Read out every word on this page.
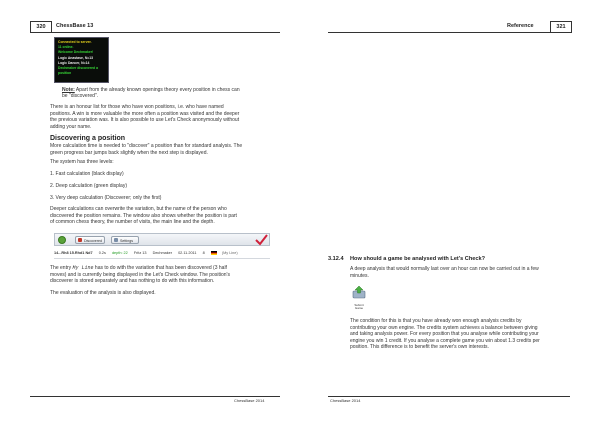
320	ChessBase 13
Connected to server.
11 online.
Welcome Dechmaker!
Logic Anastase, N=13
Logic Dancer, N=14
Dechmaker discovered a
position
Note: Apart from the already known openings theory every position in chess can
be "discovered".
There is an honour list for those who have won positions, i.e. who have named
positions. A win is more valuable the more often a position was visited and the deeper
the previous variation was. It is also possible to use Let's Check anonymously without
adding your name.
Discovering a position
More calculation time is needed to "discover" a position than for standard analysis. The
green progress bar jumps back slightly when the next step is displayed.
The system has three levels:
1. Fast calculation (black display)
2. Deep calculation (green display)
3. Very deep calculation (Discoverer; only the first)
Deeper calculations can overwrite the variation, but the name of the person who
discovered the position remains. The window also shows whether the position is part
of common chess theory, the number of visits, the main line and the depth.
Discovered	Settings
14...Rh8 15.Rhd1 Nd7 0.2s depth: 22 Fritz 13 Dechmaker 02.11.2011 8	(My Line)
The entry My Line has to do with the variation that has been discovered (3 half
moves) and is currently being displayed in the Let's Check window. The position's
discoverer is stored separately and has nothing to do with this information.
The evaluation of the analysis is also displayed.
ChessBase 2014
Reference	321
3.12.4 How should a game be analysed with Let's Check?
A deep analysis that would normally last over an hour can now be carried out in a few
minutes.
ChessBase 2014
Submit
Game
The condition for this is that you have already won enough analysis credits by
contributing your own engine. The credits system achieves a balance between giving
and taking analysis power. For every position that you analyse while contributing your
engine you win 1 credit. If you analyse a complete game you win about 1.3 credits per
position. This difference is to benefit the server's own interests.
